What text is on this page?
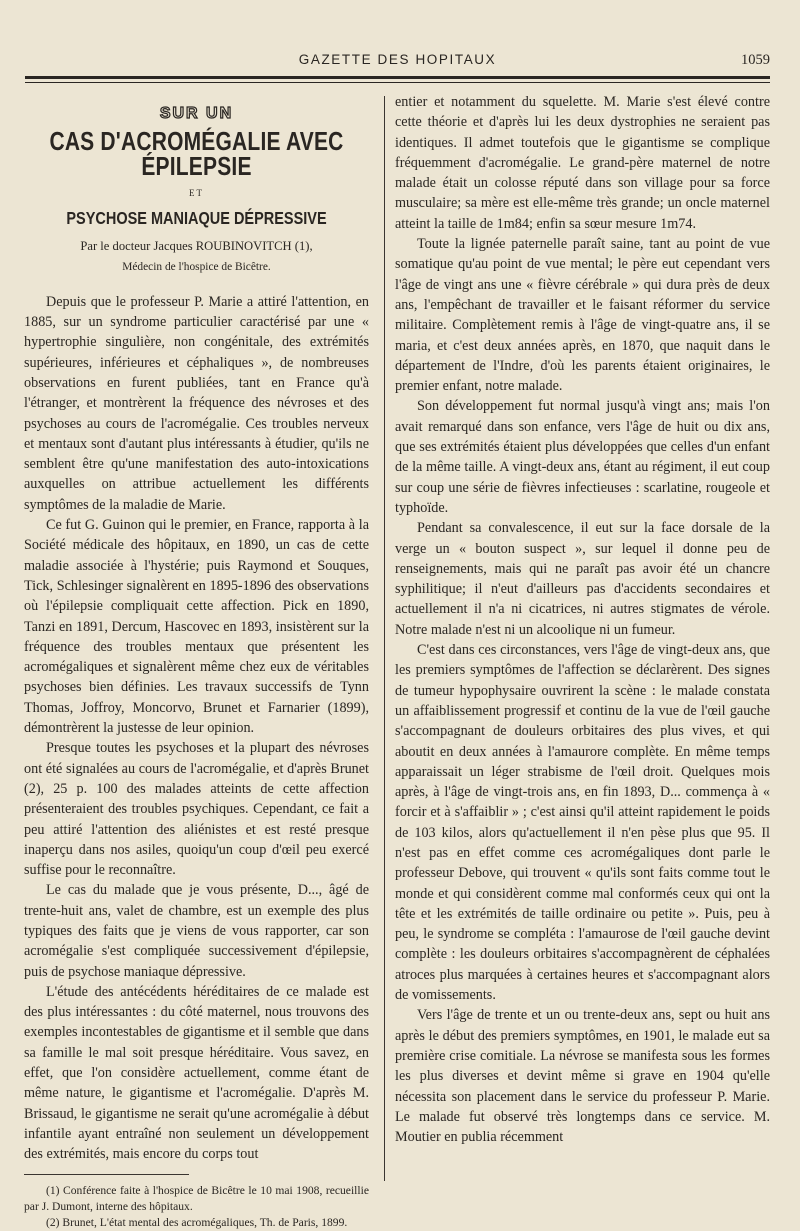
GAZETTE DES HOPITAUX	1059
SUR UN
CAS D'ACROMÉGALIE AVEC ÉPILEPSIE
ET
PSYCHOSE MANIAQUE DÉPRESSIVE
Par le docteur Jacques ROUBINOVITCH (1),
Médecin de l'hospice de Bicêtre.

Depuis que le professeur P. Marie a attiré l'attention, en 1885, sur un syndrome particulier caractérisé par une « hypertrophie singulière, non congénitale, des extrémités supérieures, inférieures et céphaliques », de nombreuses observations en furent publiées, tant en France qu'à l'étranger, et montrèrent la fréquence des névroses et des psychoses au cours de l'acromégalie. Ces troubles nerveux et mentaux sont d'autant plus intéressants à étudier, qu'ils ne semblent être qu'une manifestation des auto-intoxications auxquelles on attribue actuellement les différents symptômes de la maladie de Marie.

Ce fut G. Guinon qui le premier, en France, rapporta à la Société médicale des hôpitaux, en 1890, un cas de cette maladie associée à l'hystérie; puis Raymond et Souques, Tick, Schlesinger signalèrent en 1895-1896 des observations où l'épilepsie compliquait cette affection. Pick en 1890, Tanzi en 1891, Dercum, Hascovec en 1893, insistèrent sur la fréquence des troubles mentaux que présentent les acromégaliques et signalèrent même chez eux de véritables psychoses bien définies. Les travaux successifs de Tynn Thomas, Joffroy, Moncorvo, Brunet et Farnarier (1899), démontrèrent la justesse de leur opinion.

Presque toutes les psychoses et la plupart des névroses ont été signalées au cours de l'acromégalie, et d'après Brunet (2), 25 p. 100 des malades atteints de cette affection présenteraient des troubles psychiques. Cependant, ce fait a peu attiré l'attention des aliénistes et est resté presque inaperçu dans nos asiles, quoiqu'un coup d'œil peu exercé suffise pour le reconnaître.

Le cas du malade que je vous présente, D..., âgé de trente-huit ans, valet de chambre, est un exemple des plus typiques des faits que je viens de vous rapporter, car son acromégalie s'est compliquée successivement d'épilepsie, puis de psychose maniaque dépressive.

L'étude des antécédents héréditaires de ce malade est des plus intéressantes : du côté maternel, nous trouvons des exemples incontestables de gigantisme et il semble que dans sa famille le mal soit presque héréditaire. Vous savez, en effet, que l'on considère actuellement, comme étant de même nature, le gigantisme et l'acromégalie. D'après M. Brissaud, le gigantisme ne serait qu'une acromégalie à début infantile ayant entraîné non seulement un développement des extrémités, mais encore du corps tout

(1) Conférence faite à l'hospice de Bicêtre le 10 mai 1908, recueillie par J. Dumont, interne des hôpitaux.

(2) Brunet, L'état mental des acromégaliques, Th. de Paris, 1899.

entier et notamment du squelette. M. Marie s'est élevé contre cette théorie et d'après lui les deux dystrophies ne seraient pas identiques. Il admet toutefois que le gigantisme se complique fréquemment d'acromégalie. Le grand-père maternel de notre malade était un colosse réputé dans son village pour sa force musculaire; sa mère est elle-même très grande; un oncle maternel atteint la taille de 1m84; enfin sa sœur mesure 1m74.

Toute la lignée paternelle paraît saine, tant au point de vue somatique qu'au point de vue mental; le père eut cependant vers l'âge de vingt ans une « fièvre cérébrale » qui dura près de deux ans, l'empêchant de travailler et le faisant réformer du service militaire. Complètement remis à l'âge de vingt-quatre ans, il se maria, et c'est deux années après, en 1870, que naquit dans le département de l'Indre, d'où les parents étaient originaires, le premier enfant, notre malade.

Son développement fut normal jusqu'à vingt ans; mais l'on avait remarqué dans son enfance, vers l'âge de huit ou dix ans, que ses extrémités étaient plus développées que celles d'un enfant de la même taille. A vingt-deux ans, étant au régiment, il eut coup sur coup une série de fièvres infectieuses : scarlatine, rougeole et typhoïde.

Pendant sa convalescence, il eut sur la face dorsale de la verge un « bouton suspect », sur lequel il donne peu de renseignements, mais qui ne paraît pas avoir été un chancre syphilitique; il n'eut d'ailleurs pas d'accidents secondaires et actuellement il n'a ni cicatrices, ni autres stigmates de vérole. Notre malade n'est ni un alcoolique ni un fumeur.

C'est dans ces circonstances, vers l'âge de vingt-deux ans, que les premiers symptômes de l'affection se déclarèrent. Des signes de tumeur hypophysaire ouvrirent la scène : le malade constata un affaiblissement progressif et continu de la vue de l'œil gauche s'accompagnant de douleurs orbitaires des plus vives, et qui aboutit en deux années à l'amaurore complète. En même temps apparaissait un léger strabisme de l'œil droit. Quelques mois après, à l'âge de vingt-trois ans, en fin 1893, D... commença à « forcir et à s'affaiblir » ; c'est ainsi qu'il atteint rapidement le poids de 103 kilos, alors qu'actuellement il n'en pèse plus que 95. Il n'est pas en effet comme ces acromégaliques dont parle le professeur Debove, qui trouvent « qu'ils sont faits comme tout le monde et qui considèrent comme mal conformés ceux qui ont la tête et les extrémités de taille ordinaire ou petite ». Puis, peu à peu, le syndrome se compléta : l'amaurose de l'œil gauche devint complète : les douleurs orbitaires s'accompagnèrent de céphalées atroces plus marquées à certaines heures et s'accompagnant alors de vomissements.

Vers l'âge de trente et un ou trente-deux ans, sept ou huit ans après le début des premiers symptômes, en 1901, le malade eut sa première crise comitiale. La névrose se manifesta sous les formes les plus diverses et devint même si grave en 1904 qu'elle nécessita son placement dans le service du professeur P. Marie. Le malade fut observé très longtemps dans ce service. M. Moutier en publia récemment
